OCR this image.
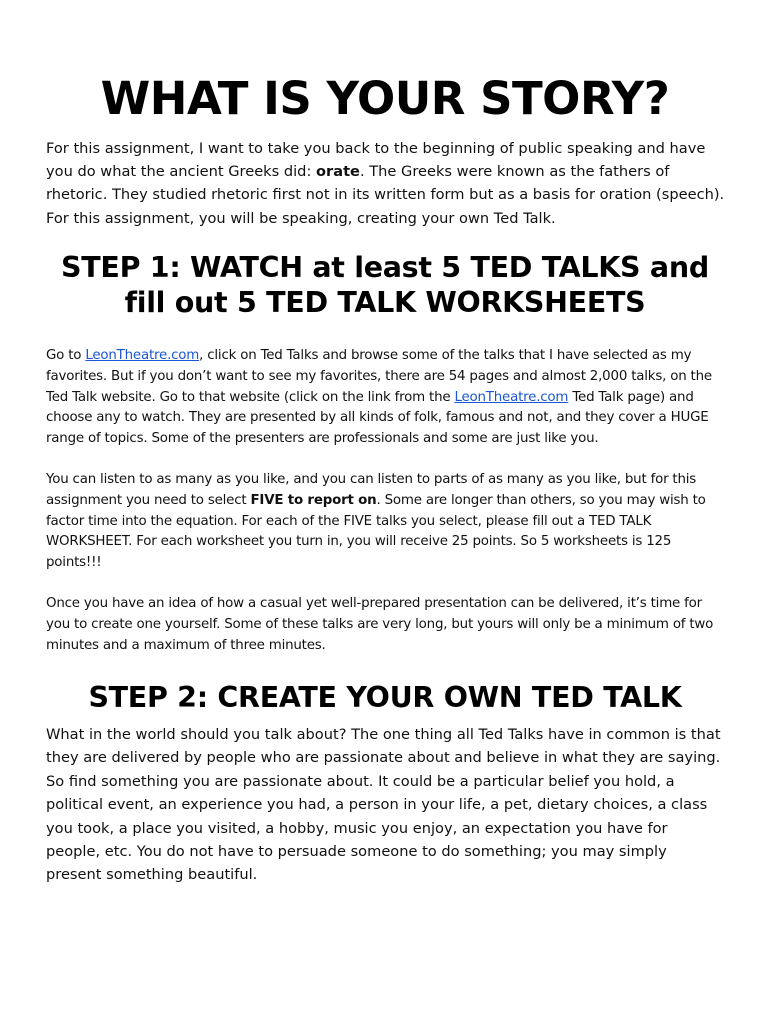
WHAT IS YOUR STORY?

For this assignment, I want to take you back to the beginning of public speaking and have you do what the ancient Greeks did: orate. The Greeks were known as the fathers of rhetoric. They studied rhetoric first not in its written form but as a basis for oration (speech). For this assignment, you will be speaking, creating your own Ted Talk.

STEP 1: WATCH at least 5 TED TALKS and fill out 5 TED TALK WORKSHEETS

Go to LeonTheatre.com, click on Ted Talks and browse some of the talks that I have selected as my favorites. But if you don’t want to see my favorites, there are 54 pages and almost 2,000 talks, on the Ted Talk website. Go to that website (click on the link from the LeonTheatre.com Ted Talk page) and choose any to watch. They are presented by all kinds of folk, famous and not, and they cover a HUGE range of topics. Some of the presenters are professionals and some are just like you.

You can listen to as many as you like, and you can listen to parts of as many as you like, but for this assignment you need to select FIVE to report on. Some are longer than others, so you may wish to factor time into the equation. For each of the FIVE talks you select, please fill out a TED TALK WORKSHEET. For each worksheet you turn in, you will receive 25 points. So 5 worksheets is 125 points!!!

Once you have an idea of how a casual yet well-prepared presentation can be delivered, it’s time for you to create one yourself. Some of these talks are very long, but yours will only be a minimum of two minutes and a maximum of three minutes.

STEP 2: CREATE YOUR OWN TED TALK

What in the world should you talk about? The one thing all Ted Talks have in common is that they are delivered by people who are passionate about and believe in what they are saying. So find something you are passionate about. It could be a particular belief you hold, a political event, an experience you had, a person in your life, a pet, dietary choices, a class you took, a place you visited, a hobby, music you enjoy, an expectation you have for people, etc. You do not have to persuade someone to do something; you may simply present something beautiful.
